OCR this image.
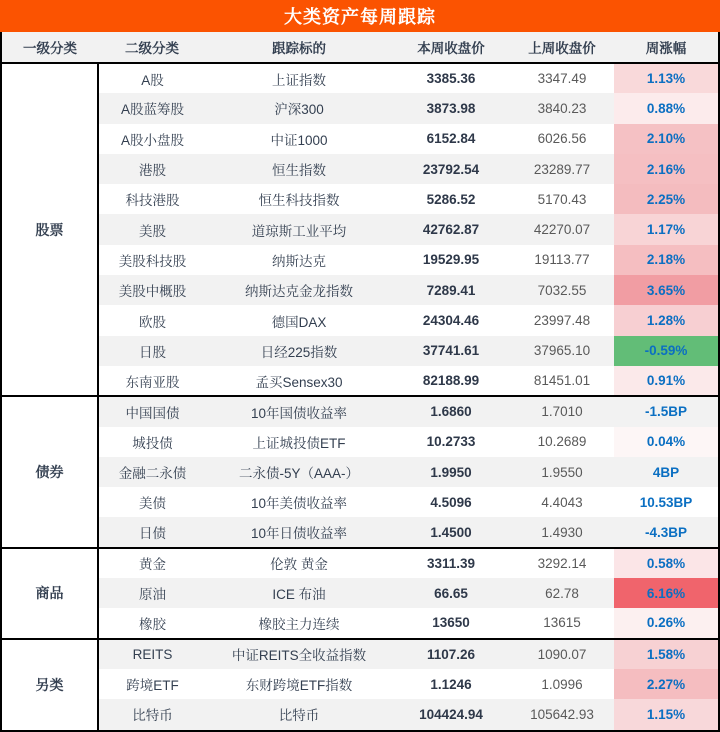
大类资产每周跟踪
一级分类	二级分类	跟踪标的	本周收盘价	上周收盘价	周涨幅
股票	A股	上证指数	3385.36	3347.49	1.13%
	A股蓝筹股	沪深300	3873.98	3840.23	0.88%
	A股小盘股	中证1000	6152.84	6026.56	2.10%
	港股	恒生指数	23792.54	23289.77	2.16%
	科技港股	恒生科技指数	5286.52	5170.43	2.25%
	美股	道琼斯工业平均	42762.87	42270.07	1.17%
	美股科技股	纳斯达克	19529.95	19113.77	2.18%
	美股中概股	纳斯达克金龙指数	7289.41	7032.55	3.65%
	欧股	德国DAX	24304.46	23997.48	1.28%
	日股	日经225指数	37741.61	37965.10	-0.59%
	东南亚股	孟买Sensex30	82188.99	81451.01	0.91%
债券	中国国债	10年国债收益率	1.6860	1.7010	-1.5BP
	城投债	上证城投债ETF	10.2733	10.2689	0.04%
	金融二永债	二永债-5Y（AAA-）	1.9950	1.9550	4BP
	美债	10年美债收益率	4.5096	4.4043	10.53BP
	日债	10年日债收益率	1.4500	1.4930	-4.3BP
商品	黄金	伦敦 黄金	3311.39	3292.14	0.58%
	原油	ICE 布油	66.65	62.78	6.16%
	橡胶	橡胶主力连续	13650	13615	0.26%
另类	REITS	中证REITS全收益指数	1107.26	1090.07	1.58%
	跨境ETF	东财跨境ETF指数	1.1246	1.0996	2.27%
	比特币	比特币	104424.94	105642.93	1.15%
